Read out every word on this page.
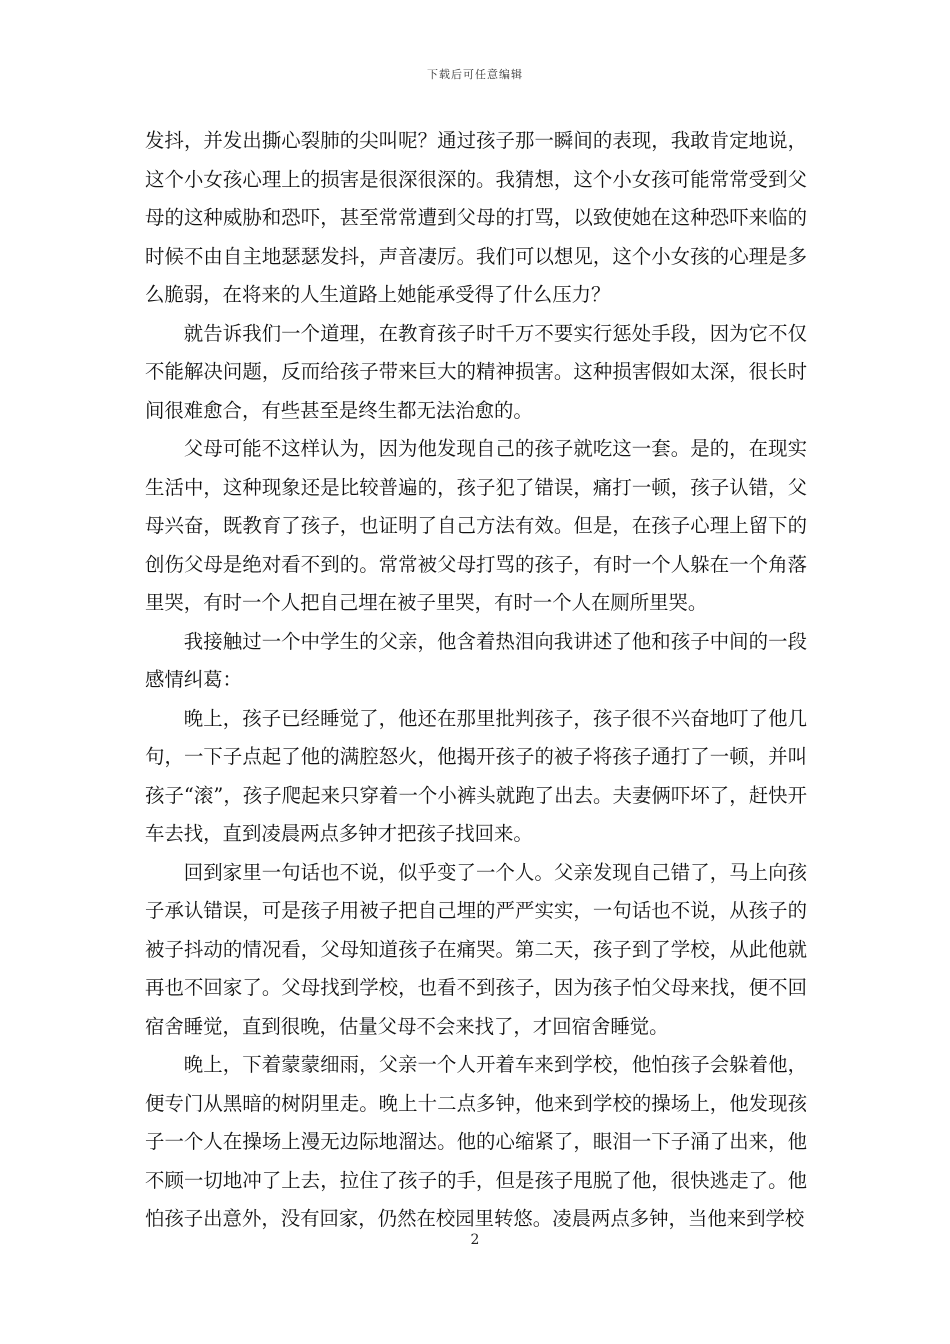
下载后可任意编辑

发抖，并发出撕心裂肺的尖叫呢？通过孩子那一瞬间的表现，我敢肯定地说，这个小女孩心理上的损害是很深很深的。我猜想，这个小女孩可能常常受到父母的这种威胁和恐吓，甚至常常遭到父母的打骂，以致使她在这种恐吓来临的时候不由自主地瑟瑟发抖，声音凄厉。我们可以想见，这个小女孩的心理是多么脆弱，在将来的人生道路上她能承受得了什么压力？

就告诉我们一个道理，在教育孩子时千万不要实行惩处手段，因为它不仅不能解决问题，反而给孩子带来巨大的精神损害。这种损害假如太深，很长时间很难愈合，有些甚至是终生都无法治愈的。

父母可能不这样认为，因为他发现自己的孩子就吃这一套。是的，在现实生活中，这种现象还是比较普遍的，孩子犯了错误，痛打一顿，孩子认错，父母兴奋，既教育了孩子，也证明了自己方法有效。但是，在孩子心理上留下的创伤父母是绝对看不到的。常常被父母打骂的孩子，有时一个人躲在一个角落里哭，有时一个人把自己埋在被子里哭，有时一个人在厕所里哭。

我接触过一个中学生的父亲，他含着热泪向我讲述了他和孩子中间的一段感情纠葛：

晚上，孩子已经睡觉了，他还在那里批判孩子，孩子很不兴奋地叮了他几句，一下子点起了他的满腔怒火，他揭开孩子的被子将孩子通打了一顿，并叫孩子“滚”，孩子爬起来只穿着一个小裤头就跑了出去。夫妻俩吓坏了，赶快开车去找，直到凌晨两点多钟才把孩子找回来。

回到家里一句话也不说，似乎变了一个人。父亲发现自己错了，马上向孩子承认错误，可是孩子用被子把自己埋的严严实实，一句话也不说，从孩子的被子抖动的情况看，父母知道孩子在痛哭。第二天，孩子到了学校，从此他就再也不回家了。父母找到学校，也看不到孩子，因为孩子怕父母来找，便不回宿舍睡觉，直到很晚，估量父母不会来找了，才回宿舍睡觉。

晚上，下着蒙蒙细雨，父亲一个人开着车来到学校，他怕孩子会躲着他，便专门从黑暗的树阴里走。晚上十二点多钟，他来到学校的操场上，他发现孩子一个人在操场上漫无边际地溜达。他的心缩紧了，眼泪一下子涌了出来，他不顾一切地冲了上去，拉住了孩子的手，但是孩子甩脱了他，很快逃走了。他怕孩子出意外，没有回家，仍然在校园里转悠。凌晨两点多钟，当他来到学校

2
